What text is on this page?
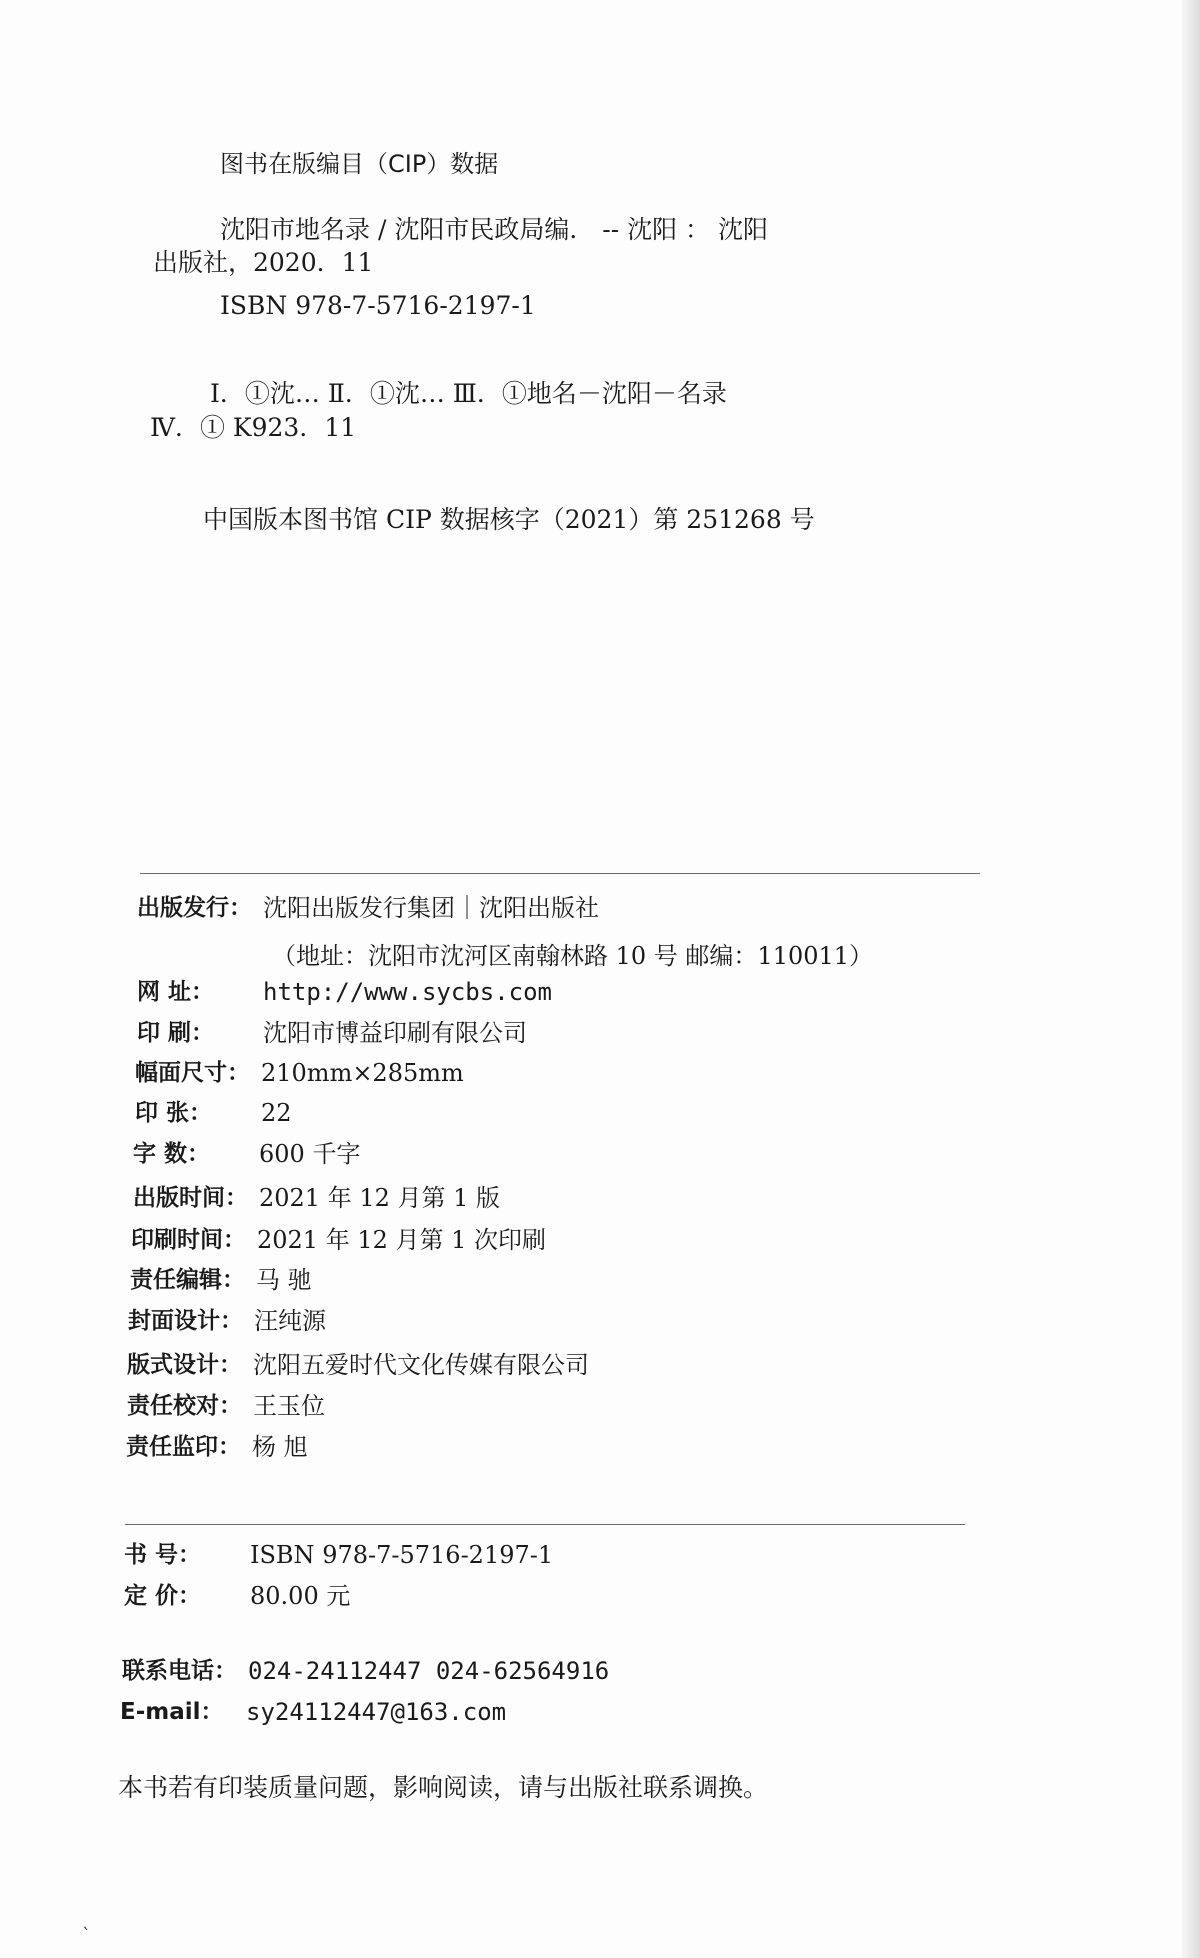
图书在版编目（CIP）数据
沈阳市地名录 / 沈阳市民政局编． -- 沈阳 ： 沈阳
出版社，2020．11
ISBN 978-7-5716-2197-1
Ⅰ．①沈… Ⅱ．①沈… Ⅲ．①地名－沈阳－名录
Ⅳ．① K923．11
中国版本图书馆 CIP 数据核字（2021）第 251268 号
出版发行： 沈阳出版发行集团｜沈阳出版社
（地址：沈阳市沈河区南翰林路 10 号 邮编：110011）
网 址：	http://www.sycbs.com
印 刷：	沈阳市博益印刷有限公司
幅面尺寸： 210mm×285mm
印 张：	22
字 数：	600 千字
出版时间： 2021 年 12 月第 1 版
印刷时间： 2021 年 12 月第 1 次印刷
责任编辑： 马 驰
封面设计： 汪纯源
版式设计： 沈阳五爱时代文化传媒有限公司
责任校对： 王玉位
责任监印： 杨 旭
书 号：	ISBN 978-7-5716-2197-1
定 价：	80.00 元
联系电话： 024-24112447 024-62564916
E-mail： sy24112447@163.com
本书若有印装质量问题，影响阅读，请与出版社联系调换。
ˋ
